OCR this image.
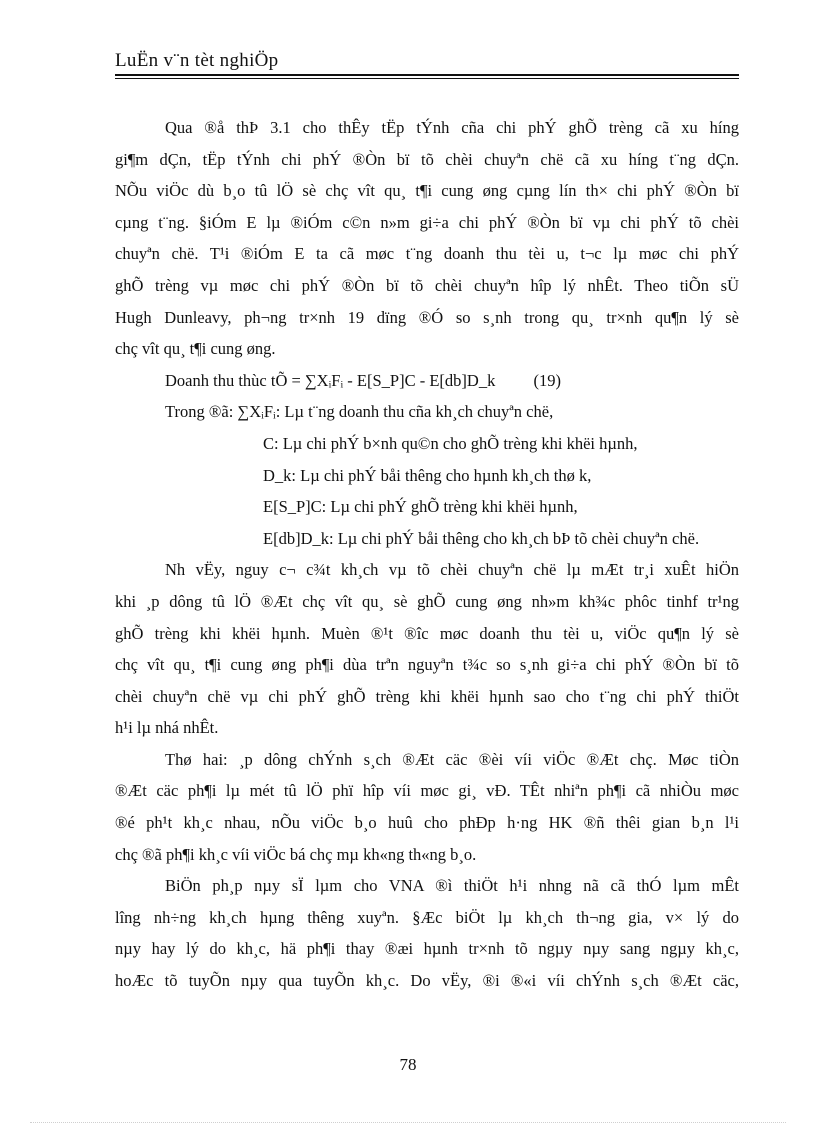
LuËn v¨n tèt nghiÖp
Qua ®å thÞ 3.1 cho thÊy tËp tÝnh cña chi phÝ ghÕ trèng cã xu híng
gi¶m dÇn, tËp tÝnh chi phÝ ®Òn bï tõ chèi chuyªn chë cã xu híng t¨ng dÇn.
NÕu viÖc dù b¸o tû lÖ sè chç vît qu¸ t¶i cung øng cµng lín th× chi phÝ ®Òn bï
cµng t¨ng. §iÓm E lµ ®iÓm c©n n»m gi÷a chi phÝ ®Òn bï vµ chi phÝ tõ chèi
chuyªn chë. T¹i ®iÓm E ta cã møc t¨ng doanh thu tèi u, t¬c lµ møc chi phÝ
ghÕ trèng vµ møc chi phÝ ®Òn bï tõ chèi chuyªn hîp lý nhÊt. Theo tiÕn sÜ
Hugh Dunleavy, ph¬ng tr×nh 19 dïng ®Ó so s¸nh trong qu¸ tr×nh qu¶n lý sè
chç vît qu¸ t¶i cung øng.
Doanh thu thùc tÕ = ∑XᵢFᵢ - E[S_P]C - E[db]D_k (19)
Trong ®ã: ∑XᵢFᵢ: Lµ t¨ng doanh thu cña kh¸ch chuyªn chë,
C: Lµ chi phÝ b×nh qu©n cho ghÕ trèng khi khëi hµnh,
D_k: Lµ chi phÝ båi thêng cho hµnh kh¸ch thø k,
E[S_P]C: Lµ chi phÝ ghÕ trèng khi khëi hµnh,
E[db]D_k: Lµ chi phÝ båi thêng cho kh¸ch bÞ tõ chèi chuyªn chë.
Nh vËy, nguy c¬ c¾t kh¸ch vµ tõ chèi chuyªn chë lµ mÆt tr¸i xuÊt hiÖn
khi ¸p dông tû lÖ ®Æt chç vît qu¸ sè ghÕ cung øng nh»m kh¾c phôc tinhf tr¹ng
ghÕ trèng khi khëi hµnh. Muèn ®¹t ®îc møc doanh thu tèi u, viÖc qu¶n lý sè
chç vît qu¸ t¶i cung øng ph¶i dùa trªn nguyªn t¾c so s¸nh gi÷a chi phÝ ®Òn bï tõ
chèi chuyªn chë vµ chi phÝ ghÕ trèng khi khëi hµnh sao cho t¨ng chi phÝ thiÖt
h¹i lµ nhá nhÊt.
Thø hai: ¸p dông chÝnh s¸ch ®Æt cäc ®èi víi viÖc ®Æt chç. Møc tiÒn
®Æt cäc ph¶i lµ mét tû lÖ phï hîp víi møc gi¸ vÐ. TÊt nhiªn ph¶i cã nhiÒu møc
®é ph¹t kh¸c nhau, nÕu viÖc b¸o huû cho phÐp h·ng HK ®ñ thêi gian b¸n l¹i
chç ®ã ph¶i kh¸c víi viÖc bá chç mµ kh«ng th«ng b¸o.
BiÖn ph¸p nµy sÏ lµm cho VNA ®ì thiÖt h¹i nhng nã cã thÓ lµm mÊt
lîng nh÷ng kh¸ch hµng thêng xuyªn. §Æc biÖt lµ kh¸ch th¬ng gia, v× lý do
nµy hay lý do kh¸c, hä ph¶i thay ®æi hµnh tr×nh tõ ngµy nµy sang ngµy kh¸c,
hoÆc tõ tuyÕn nµy qua tuyÕn kh¸c. Do vËy, ®i ®«i víi chÝnh s¸ch ®Æt cäc,
78
